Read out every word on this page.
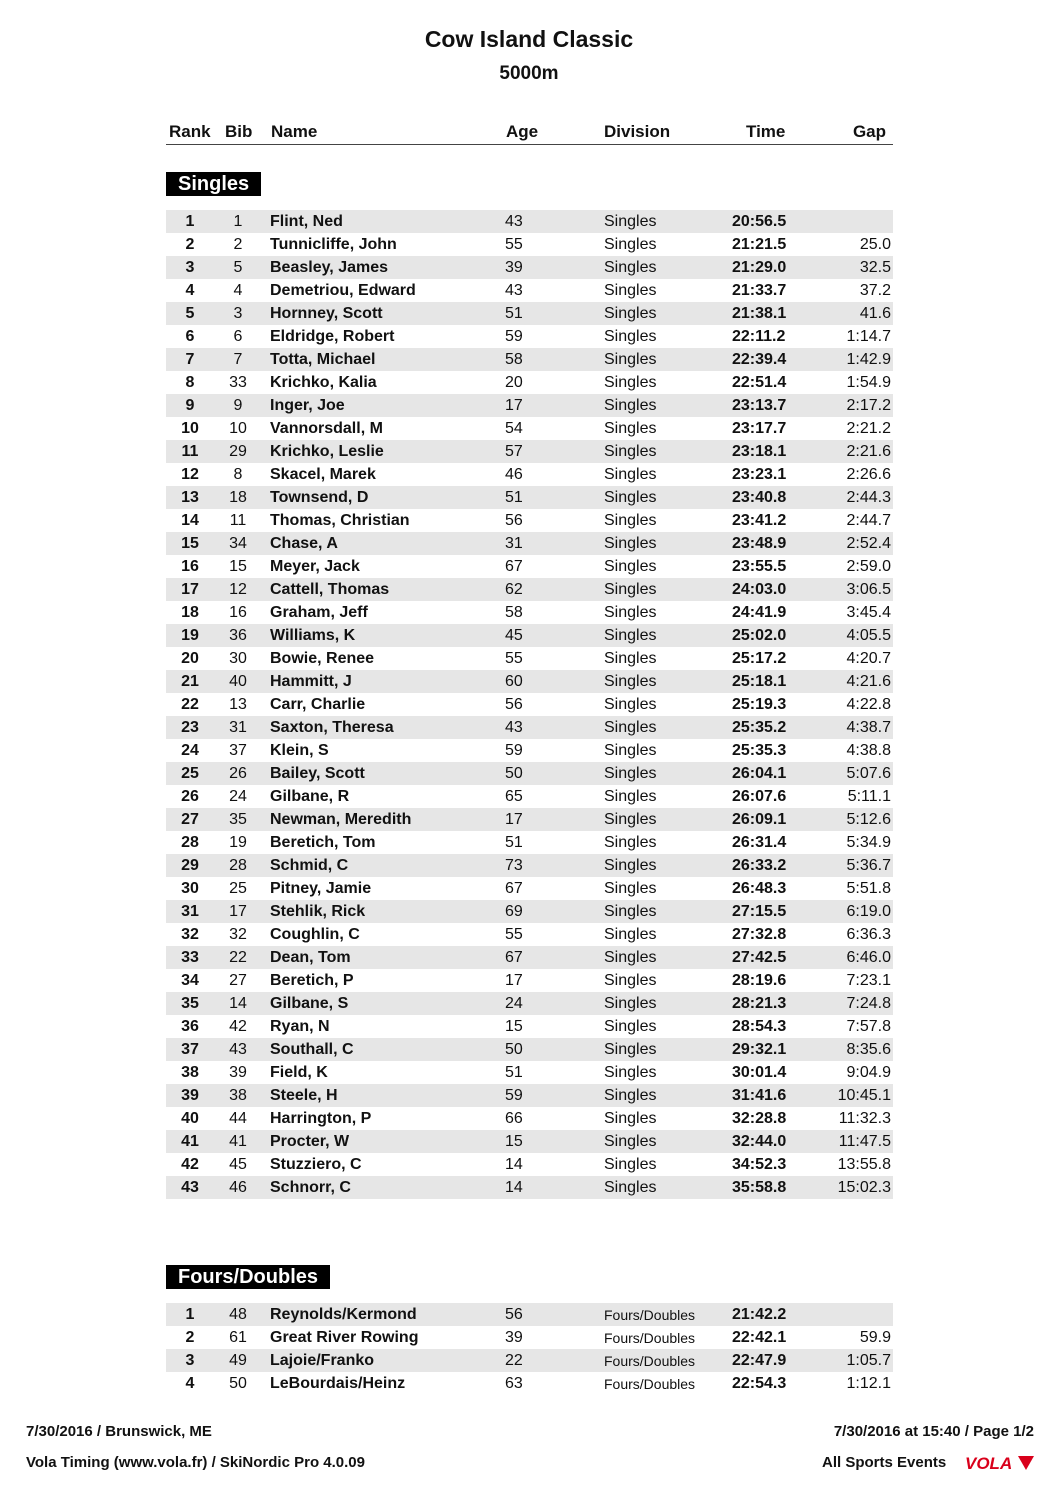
Cow Island Classic
5000m
Rank Bib Name	Age	Division	Time	Gap
Singles
1	1	Flint, Ned	43	Singles	20:56.5
2	2	Tunnicliffe, John	55	Singles	21:21.5	25.0
3	5	Beasley, James	39	Singles	21:29.0	32.5
4	4	Demetriou, Edward	43	Singles	21:33.7	37.2
5	3	Hornney, Scott	51	Singles	21:38.1	41.6
6	6	Eldridge, Robert	59	Singles	22:11.2	1:14.7
7	7	Totta, Michael	58	Singles	22:39.4	1:42.9
8	33	Krichko, Kalia	20	Singles	22:51.4	1:54.9
9	9	Inger, Joe	17	Singles	23:13.7	2:17.2
10	10	Vannorsdall, M	54	Singles	23:17.7	2:21.2
11	29	Krichko, Leslie	57	Singles	23:18.1	2:21.6
12	8	Skacel, Marek	46	Singles	23:23.1	2:26.6
13	18	Townsend, D	51	Singles	23:40.8	2:44.3
14	11	Thomas, Christian	56	Singles	23:41.2	2:44.7
15	34	Chase, A	31	Singles	23:48.9	2:52.4
16	15	Meyer, Jack	67	Singles	23:55.5	2:59.0
17	12	Cattell, Thomas	62	Singles	24:03.0	3:06.5
18	16	Graham, Jeff	58	Singles	24:41.9	3:45.4
19	36	Williams, K	45	Singles	25:02.0	4:05.5
20	30	Bowie, Renee	55	Singles	25:17.2	4:20.7
21	40	Hammitt, J	60	Singles	25:18.1	4:21.6
22	13	Carr, Charlie	56	Singles	25:19.3	4:22.8
23	31	Saxton, Theresa	43	Singles	25:35.2	4:38.7
24	37	Klein, S	59	Singles	25:35.3	4:38.8
25	26	Bailey, Scott	50	Singles	26:04.1	5:07.6
26	24	Gilbane, R	65	Singles	26:07.6	5:11.1
27	35	Newman, Meredith	17	Singles	26:09.1	5:12.6
28	19	Beretich, Tom	51	Singles	26:31.4	5:34.9
29	28	Schmid, C	73	Singles	26:33.2	5:36.7
30	25	Pitney, Jamie	67	Singles	26:48.3	5:51.8
31	17	Stehlik, Rick	69	Singles	27:15.5	6:19.0
32	32	Coughlin, C	55	Singles	27:32.8	6:36.3
33	22	Dean, Tom	67	Singles	27:42.5	6:46.0
34	27	Beretich, P	17	Singles	28:19.6	7:23.1
35	14	Gilbane, S	24	Singles	28:21.3	7:24.8
36	42	Ryan, N	15	Singles	28:54.3	7:57.8
37	43	Southall, C	50	Singles	29:32.1	8:35.6
38	39	Field, K	51	Singles	30:01.4	9:04.9
39	38	Steele, H	59	Singles	31:41.6	10:45.1
40	44	Harrington, P	66	Singles	32:28.8	11:32.3
41	41	Procter, W	15	Singles	32:44.0	11:47.5
42	45	Stuzziero, C	14	Singles	34:52.3	13:55.8
43	46	Schnorr, C	14	Singles	35:58.8	15:02.3
Fours/Doubles
1	48	Reynolds/Kermond	56	Fours/Doubles 21:42.2
2	61	Great River Rowing	39	Fours/Doubles 22:42.1	59.9
3	49	Lajoie/Franko	22	Fours/Doubles 22:47.9	1:05.7
4	50	LeBourdais/Heinz	63	Fours/Doubles 22:54.3	1:12.1
7/30/2016 / Brunswick, ME	7/30/2016 at 15:40 / Page 1/2
Vola Timing (www.vola.fr) / SkiNordic Pro 4.0.09	All Sports Events VOLA
